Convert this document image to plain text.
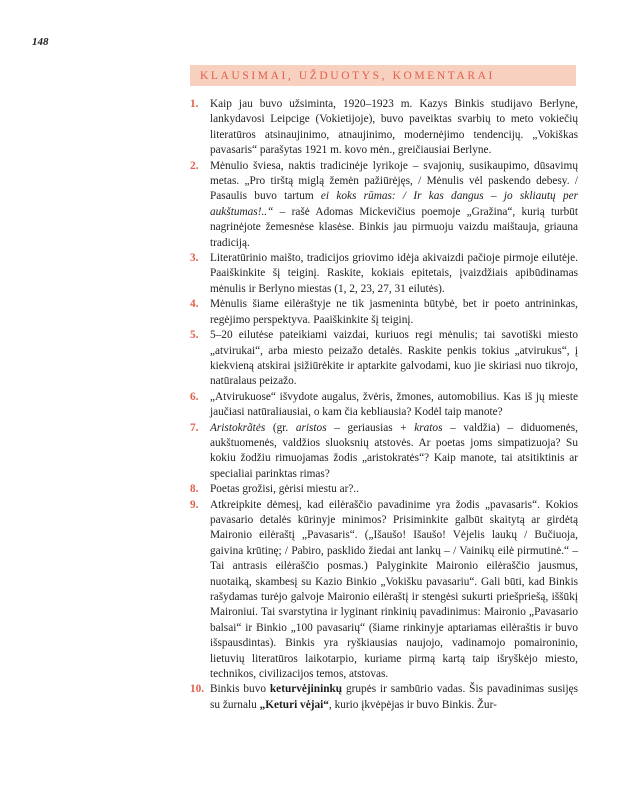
148
KLAUSIMAI, UŽDUOTYS, KOMENTARAI
1. Kaip jau buvo užsiminta, 1920–1923 m. Kazys Binkis studijavo Berlyne, lankydavosi Leipcige (Vokietijoje), buvo paveiktas svarbių to meto vokiečių literatūros atsinaujinimo, atnaujinimo, modernėjimo tendencijų. „Vokiškas pavasaris“ parašytas 1921 m. kovo mėn., greičiausiai Berlyne.
2. Mėnulio šviesa, naktis tradicinėje lyrikoje – svajonių, susikaupimo, dūsavimų metas. „Pro tirštą miglą žemėn pažiūrėjęs, / Mėnulis vėl paskendo debesy. / Pasaulis buvo tartum ei koks rūmas: / Ir kas dangus – jo skliautų per aukštumas!..“ – rašė Adomas Mickevičius poemoje „Gražina“, kurią turbūt nagrinėjote žemesnėse klasėse. Binkis jau pirmuoju vaizdu maištauja, griauna tradiciją.
3. Literatūrinio maišto, tradicijos griovimo idėja akivaizdi pačioje pirmoje eilutėje. Paaiškinkite šį teiginį. Raskite, kokiais epitetais, įvaizdžiais apibūdinamas mėnulis ir Berlyno miestas (1, 2, 23, 27, 31 eilutės).
4. Mėnulis šiame eilėraštyje ne tik jasmeninta būtybė, bet ir poeto antrininkas, regėjimo perspektyva. Paaiškinkite šį teiginį.
5. 5–20 eilutėse pateikiami vaizdai, kuriuos regi mėnulis; tai savotiški miesto „atvirukai“, arba miesto peizažo detalės. Raskite penkis tokius „atvirukus“, į kiekvieną atskirai įsižiūrėkite ir aptarkite galvodami, kuo jie skiriasi nuo tikrojo, natūralaus peizažo.
6. „Atvirukuose“ išvydote augalus, žvėris, žmones, automobilius. Kas iš jų miestе jaučiasi natūraliausiai, o kam čia kebliausia? Kodėl taip manote?
7. Aristokrãtės (gr. aristos – geriausias + kratos – valdžia) – diduomenės, aukštuomenės, valdžios sluoksnių atstovės. Ar poetas joms simpatizuoja? Su kokiu žodžiu rimuojamas žodis „aristokratės“? Kaip manote, tai atsitiktinis ar specialiai parinktas rimas?
8. Poetas grožisi, gėrisi miestu ar?..
9. Atkreipkite dėmesį, kad eilėraščio pavadinime yra žodis „pavasaris“. Kokios pavasario detalės kūrinyje minimos? Prisiminkite galbūt skaitytą ar girdėtą Maironio eilėraštį „Pavasaris“. („Išaušo! Išaušo! Vėjelis laukų / Bučiuoja, gaivina krūtinę; / Pabiro, pasklido žiedai ant lankų – / Vainikų eilė pirmutinė.“ – Tai antrasis eilėraščio posmas.) Palyginkite Maironio eilėraščio jausmus, nuotaiką, skambesį su Kazio Binkio „Vokišku pavasariu“. Gali būti, kad Binkis rašydamas turėjo galvoje Maironio eilėraštį ir stengėsi sukurti priešpriešą, iššūkį Maironiui. Tai svarstytina ir lyginant rinkinių pavadinimus: Maironio „Pavasario balsai“ ir Binkio „100 pavasarių“ (šiame rinkinyje aptariamas eilėraštis ir buvo išspausdintas). Binkis yra ryškiausias naujojo, vadinamojo pomaironinio, lietuvių literatūros laikotarpio, kuriame pirmą kartą taip išryškėjo miesto, technikos, civilizacijos temos, atstovas.
10. Binkis buvo keturvėjininkų grupės ir sambūrio vadas. Šis pavadinimas susijęs su žurnalu „Keturi vėjai“, kurio įkvėpėjas ir buvo Binkis. Žur-
